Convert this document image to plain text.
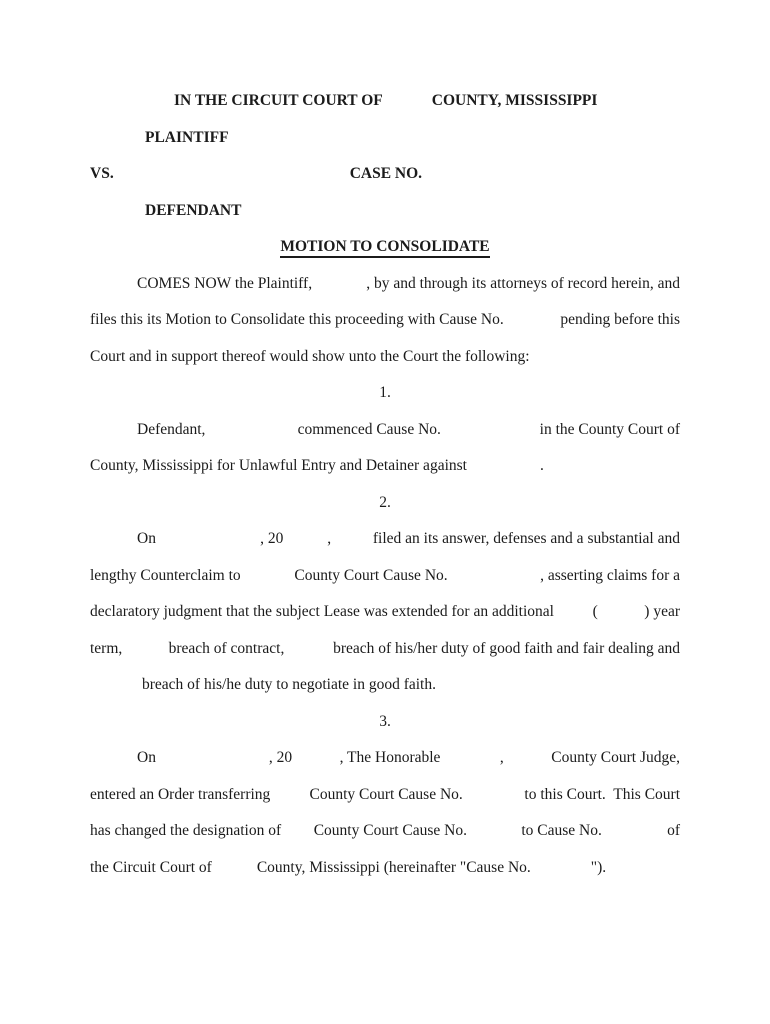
IN THE CIRCUIT COURT OF	COUNTY, MISSISSIPPI
PLAINTIFF
VS.	CASE NO.
DEFENDANT
MOTION TO CONSOLIDATE
COMES NOW the Plaintiff,	, by and through its attorneys of record herein, and
files this its Motion to Consolidate this proceeding with Cause No.	pending before this
Court and in support thereof would show unto the Court the following:
1.
Defendant,	commenced Cause No.	in the County Court of
County, Mississippi for Unlawful Entry and Detainer against	.
2.
On	, 20	,	filed an its answer, defenses and a substantial and
lengthy Counterclaim to	County Court Cause No.	, asserting claims for a
declaratory judgment that the subject Lease was extended for an additional (	) year
term,	breach of contract,	breach of his/her duty of good faith and fair dealing and
breach of his/he duty to negotiate in good faith.
3.
On	, 20	, The Honorable	,	County Court Judge,
entered an Order transferring	County Court Cause No.	to this Court.  This Court
has changed the designation of County Court Cause No.	to Cause No.	of
the Circuit Court of	County, Mississippi (hereinafter "Cause No.	").
